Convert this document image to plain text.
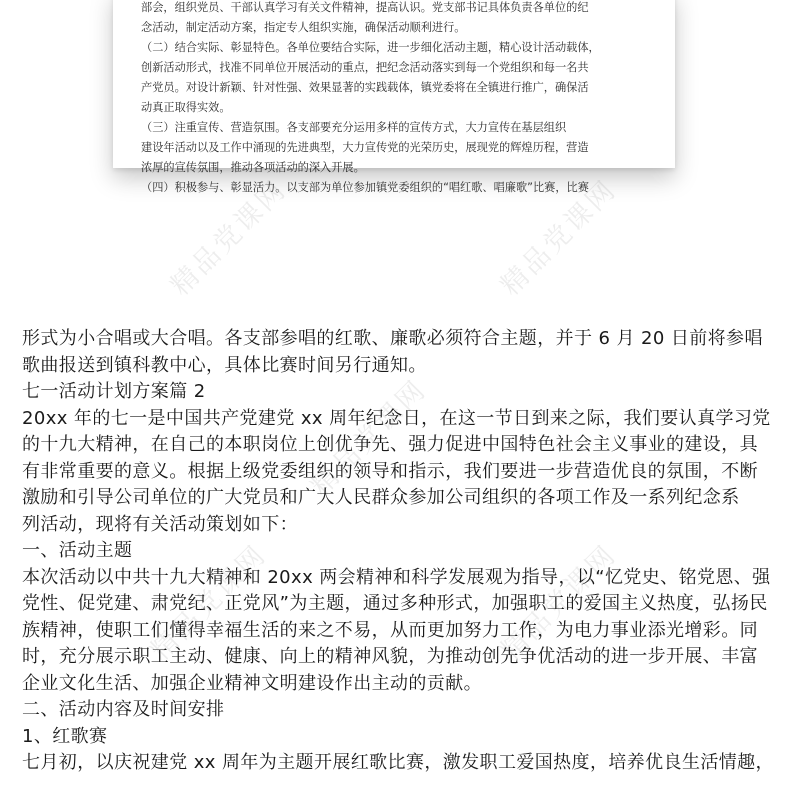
部会，组织党员、干部认真学习有关文件精神，提高认识。党支部书记具体负责各单位的纪
念活动，制定活动方案，指定专人组织实施，确保活动顺利进行。
（二）结合实际、彰显特色。各单位要结合实际，进一步细化活动主题，精心设计活动载体，
创新活动形式，找准不同单位开展活动的重点，把纪念活动落实到每一个党组织和每一名共
产党员。对设计新颖、针对性强、效果显著的实践载体，镇党委将在全镇进行推广，确保活
动真正取得实效。
（三）注重宣传、营造氛围。各支部要充分运用多样的宣传方式，大力宣传在基层组织
建设年活动以及工作中涌现的先进典型，大力宣传党的光荣历史，展现党的辉煌历程，营造
浓厚的宣传氛围，推动各项活动的深入开展。
（四）积极参与、彰显活力。以支部为单位参加镇党委组织的“唱红歌、唱廉歌”比赛，比赛
精品党课网	精品党课网
精品党课网
精品党课网	精品党课网
形式为小合唱或大合唱。各支部参唱的红歌、廉歌必须符合主题，并于 6 月 20 日前将参唱
歌曲报送到镇科教中心，具体比赛时间另行通知。
七一活动计划方案篇 2
20xx 年的七一是中国共产党建党 xx 周年纪念日，在这一节日到来之际，我们要认真学习党
的十九大精神，在自己的本职岗位上创优争先、强力促进中国特色社会主义事业的建设，具
有非常重要的意义。根据上级党委组织的领导和指示，我们要进一步营造优良的氛围，不断
激励和引导公司单位的广大党员和广大人民群众参加公司组织的各项工作及一系列纪念系
列活动，现将有关活动策划如下：
一、活动主题
本次活动以中共十九大精神和 20xx 两会精神和科学发展观为指导，以“忆党史、铭党恩、强
党性、促党建、肃党纪、正党风”为主题，通过多种形式，加强职工的爱国主义热度，弘扬民
族精神，使职工们懂得幸福生活的来之不易，从而更加努力工作，为电力事业添光增彩。同
时，充分展示职工主动、健康、向上的精神风貌，为推动创先争优活动的进一步开展、丰富
企业文化生活、加强企业精神文明建设作出主动的贡献。
二、活动内容及时间安排
1、红歌赛
七月初，以庆祝建党 xx 周年为主题开展红歌比赛，激发职工爱国热度，培养优良生活情趣，
